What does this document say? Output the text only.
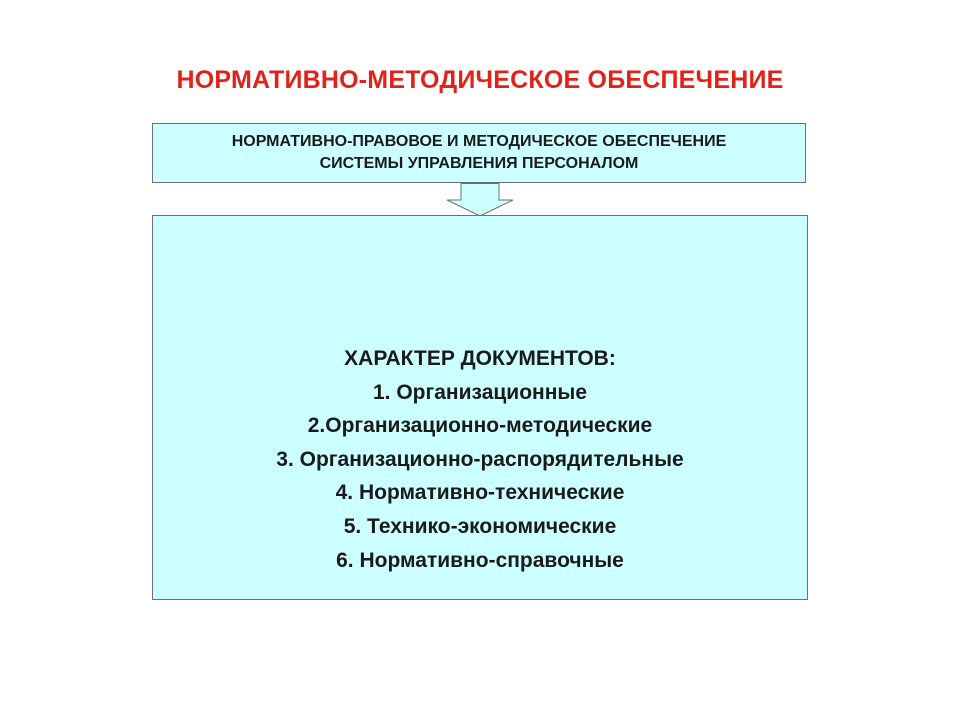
НОРМАТИВНО-МЕТОДИЧЕСКОЕ ОБЕСПЕЧЕНИЕ
НОРМАТИВНО-ПРАВОВОЕ И МЕТОДИЧЕСКОЕ ОБЕСПЕЧЕНИЕ
СИСТЕМЫ УПРАВЛЕНИЯ ПЕРСОНАЛОМ
ХАРАКТЕР ДОКУМЕНТОВ:
1. Организационные
2.Организационно-методические
3. Организационно-распорядительные
4. Нормативно-технические
5. Технико-экономические
6. Нормативно-справочные
